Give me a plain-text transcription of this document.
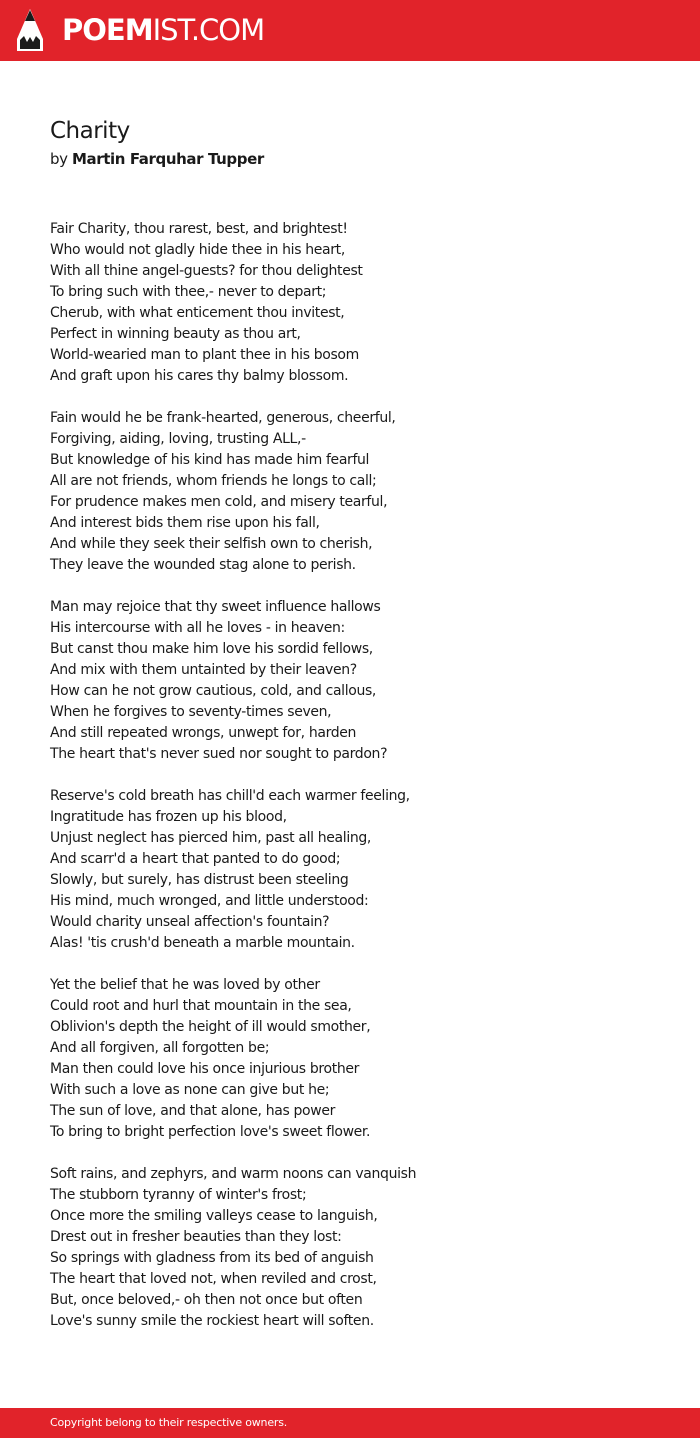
POEMIST.COM
Charity
by Martin Farquhar Tupper
Fair Charity, thou rarest, best, and brightest!
Who would not gladly hide thee in his heart,
With all thine angel-guests? for thou delightest
To bring such with thee,- never to depart;
Cherub, with what enticement thou invitest,
Perfect in winning beauty as thou art,
World-wearied man to plant thee in his bosom
And graft upon his cares thy balmy blossom.
Fain would he be frank-hearted, generous, cheerful,
Forgiving, aiding, loving, trusting ALL,-
But knowledge of his kind has made him fearful
All are not friends, whom friends he longs to call;
For prudence makes men cold, and misery tearful,
And interest bids them rise upon his fall,
And while they seek their selfish own to cherish,
They leave the wounded stag alone to perish.
Man may rejoice that thy sweet influence hallows
His intercourse with all he loves - in heaven:
But canst thou make him love his sordid fellows,
And mix with them untainted by their leaven?
How can he not grow cautious, cold, and callous,
When he forgives to seventy-times seven,
And still repeated wrongs, unwept for, harden
The heart that's never sued nor sought to pardon?
Reserve's cold breath has chill'd each warmer feeling,
Ingratitude has frozen up his blood,
Unjust neglect has pierced him, past all healing,
And scarr'd a heart that panted to do good;
Slowly, but surely, has distrust been steeling
His mind, much wronged, and little understood:
Would charity unseal affection's fountain?
Alas! 'tis crush'd beneath a marble mountain.
Yet the belief that he was loved by other
Could root and hurl that mountain in the sea,
Oblivion's depth the height of ill would smother,
And all forgiven, all forgotten be;
Man then could love his once injurious brother
With such a love as none can give but he;
The sun of love, and that alone, has power
To bring to bright perfection love's sweet flower.
Soft rains, and zephyrs, and warm noons can vanquish
The stubborn tyranny of winter's frost;
Once more the smiling valleys cease to languish,
Drest out in fresher beauties than they lost:
So springs with gladness from its bed of anguish
The heart that loved not, when reviled and crost,
But, once beloved,- oh then not once but often
Love's sunny smile the rockiest heart will soften.
Copyright belong to their respective owners.
